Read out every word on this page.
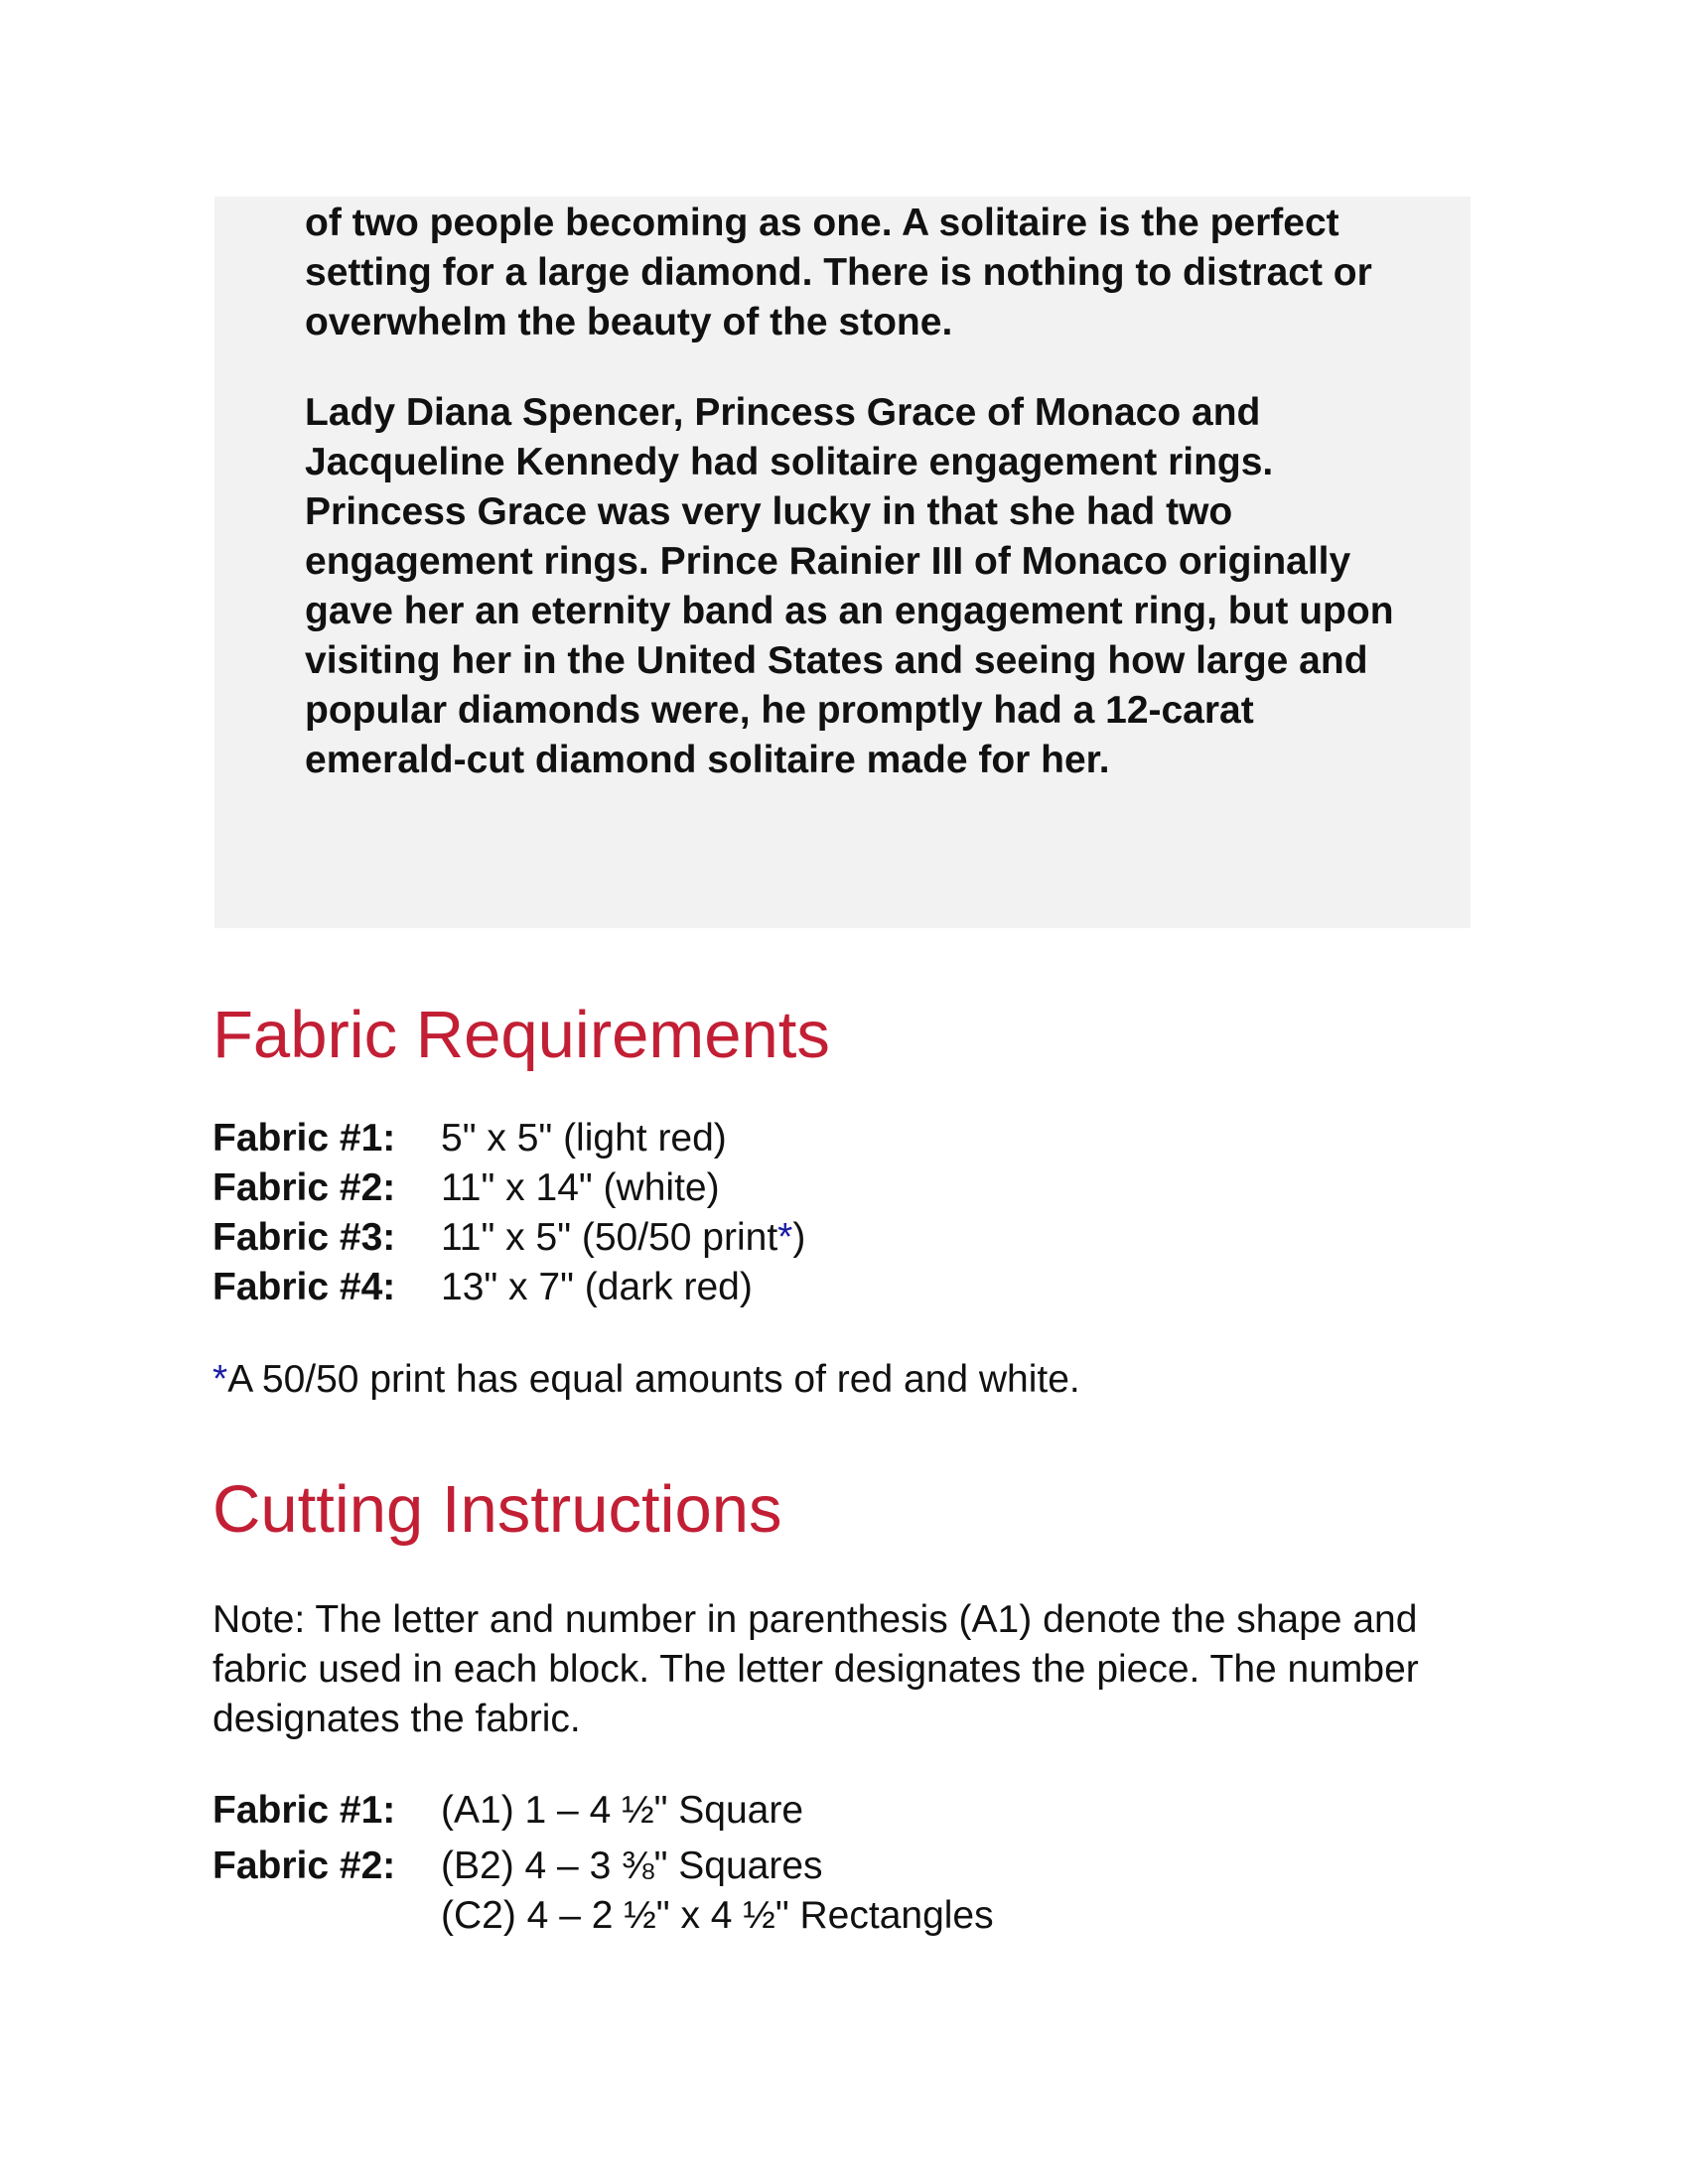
of two people becoming as one. A solitaire is the perfect setting for a large diamond. There is nothing to distract or overwhelm the beauty of the stone.

Lady Diana Spencer, Princess Grace of Monaco and Jacqueline Kennedy had solitaire engagement rings. Princess Grace was very lucky in that she had two engagement rings. Prince Rainier III of Monaco originally gave her an eternity band as an engagement ring, but upon visiting her in the United States and seeing how large and popular diamonds were, he promptly had a 12-carat emerald-cut diamond solitaire made for her.

Fabric Requirements
Fabric #1:	5" x 5" (light red)
Fabric #2:	11" x 14" (white)
Fabric #3:	11" x 5" (50/50 print*)
Fabric #4:	13" x 7" (dark red)

*A 50/50 print has equal amounts of red and white.

Cutting Instructions

Note: The letter and number in parenthesis (A1) denote the shape and fabric used in each block. The letter designates the piece. The number designates the fabric.

Fabric #1:	(A1) 1 – 4 ½" Square
Fabric #2:	(B2) 4 – 3 ⅜" Squares
(C2) 4 – 2 ½" x 4 ½" Rectangles
